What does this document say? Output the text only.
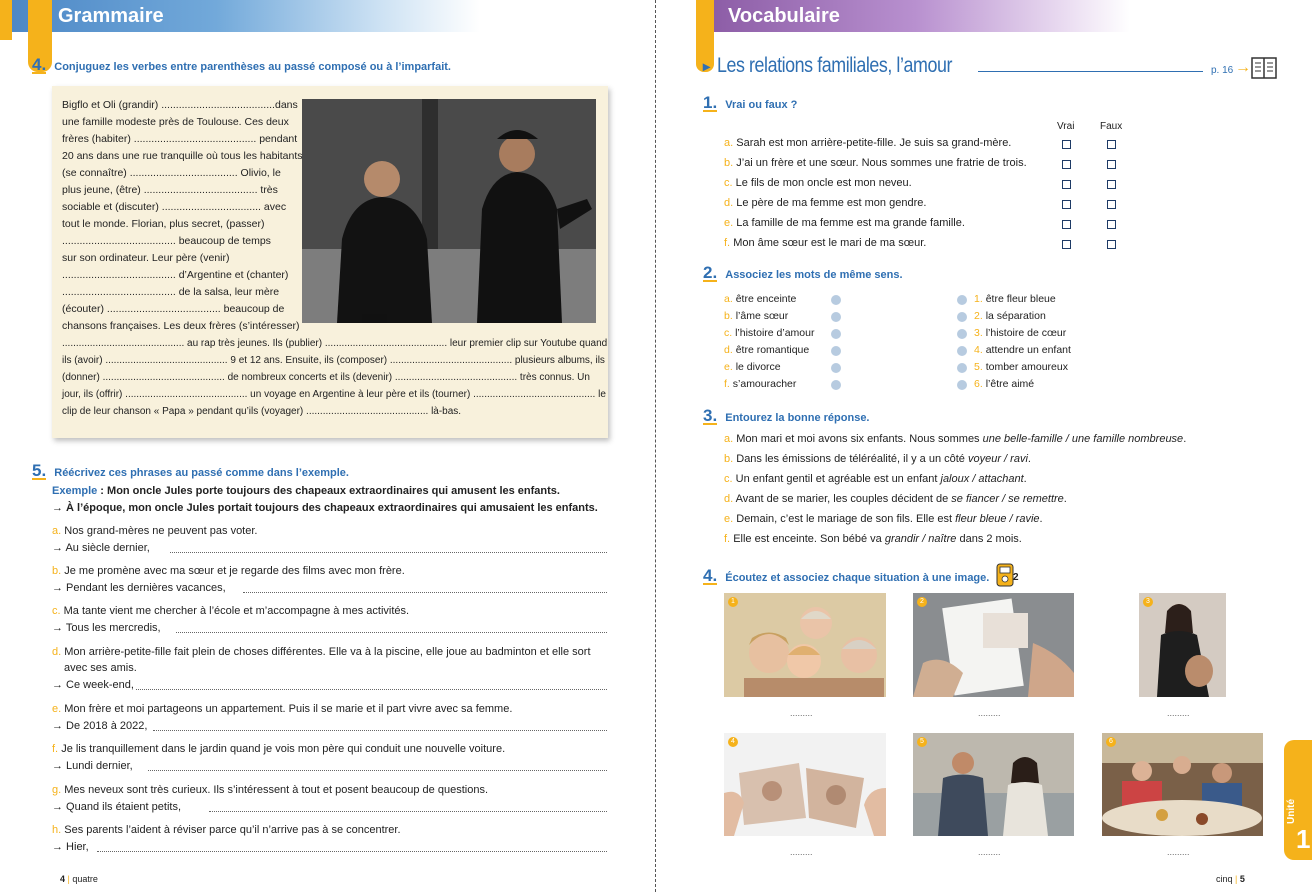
Grammaire
4. Conjuguez les verbes entre parenthèses au passé composé ou à l’imparfait.
Bigflo et Oli (grandir) .......................................dans
une famille modeste près de Toulouse. Ces deux
frères (habiter) .......................................... pendant
20 ans dans une rue tranquille où tous les habitants
(se connaître) ..................................... Olivio, le
plus jeune, (être) ....................................... très
sociable et (discuter) .................................. avec
tout le monde. Florian, plus secret, (passer)
....................................... beaucoup de temps
sur son ordinateur. Leur père (venir)
....................................... d’Argentine et (chanter)
....................................... de la salsa, leur mère
(écouter) ....................................... beaucoup de
chansons françaises. Les deux frères (s’intéresser)
............................................ au rap très jeunes. Ils (publier) ............................................ leur premier clip sur Youtube quand
ils (avoir) ............................................ 9 et 12 ans. Ensuite, ils (composer) ............................................ plusieurs albums, ils
(donner) ............................................ de nombreux concerts et ils (devenir) ............................................ très connus. Un
jour, ils (offrir) ............................................ un voyage en Argentine à leur père et ils (tourner) ............................................ le
clip de leur chanson « Papa » pendant qu’ils (voyager) ............................................ là-bas.
5. Réécrivez ces phrases au passé comme dans l’exemple.
Exemple : Mon oncle Jules porte toujours des chapeaux extraordinaires qui amusent les enfants.
→ À l’époque, mon oncle Jules portait toujours des chapeaux extraordinaires qui amusaient les enfants.
a. Nos grand-mères ne peuvent pas voter.
→ Au siècle dernier,
b. Je me promène avec ma sœur et je regarde des films avec mon frère.
→ Pendant les dernières vacances,
c. Ma tante vient me chercher à l’école et m’accompagne à mes activités.
→ Tous les mercredis,
d. Mon arrière-petite-fille fait plein de choses différentes. Elle va à la piscine, elle joue au badminton et elle sort
avec ses amis.
→ Ce week-end,
e. Mon frère et moi partageons un appartement. Puis il se marie et il part vivre avec sa femme.
→ De 2018 à 2022,
f. Je lis tranquillement dans le jardin quand je vois mon père qui conduit une nouvelle voiture.
→ Lundi dernier,
g. Mes neveux sont très curieux. Ils s’intéressent à tout et posent beaucoup de questions.
→ Quand ils étaient petits,
h. Ses parents l’aident à réviser parce qu’il n’arrive pas à se concentrer.
→ Hier,
4 | quatre
Vocabulaire
▸ Les relations familiales, l’amour	p. 16 →
1. Vrai ou faux ?
Vrai	Faux
a. Sarah est mon arrière-petite-fille. Je suis sa grand-mère.
b. J’ai un frère et une sœur. Nous sommes une fratrie de trois.
c. Le fils de mon oncle est mon neveu.
d. Le père de ma femme est mon gendre.
e. La famille de ma femme est ma grande famille.
f. Mon âme sœur est le mari de ma sœur.
2. Associez les mots de même sens.
a. être enceinte
b. l’âme sœur
c. l’histoire d’amour
d. être romantique
e. le divorce
f. s’amouracher
1. être fleur bleue
2. la séparation
3. l’histoire de cœur
4. attendre un enfant
5. tomber amoureux
6. l’être aimé
3. Entourez la bonne réponse.
a. Mon mari et moi avons six enfants. Nous sommes une belle-famille / une famille nombreuse.
b. Dans les émissions de téléréalité, il y a un côté voyeur / ravi.
c. Un enfant gentil et agréable est un enfant jaloux / attachant.
d. Avant de se marier, les couples décident de se fiancer / se remettre.
e. Demain, c’est le mariage de son fils. Elle est fleur bleue / ravie.
f. Elle est enceinte. Son bébé va grandir / naître dans 2 mois.
4. Écoutez et associez chaque situation à une image. 2
1	2	3
.........	.........	.........
4	5	6
.........	.........	.........
Unité
1
cinq | 5
